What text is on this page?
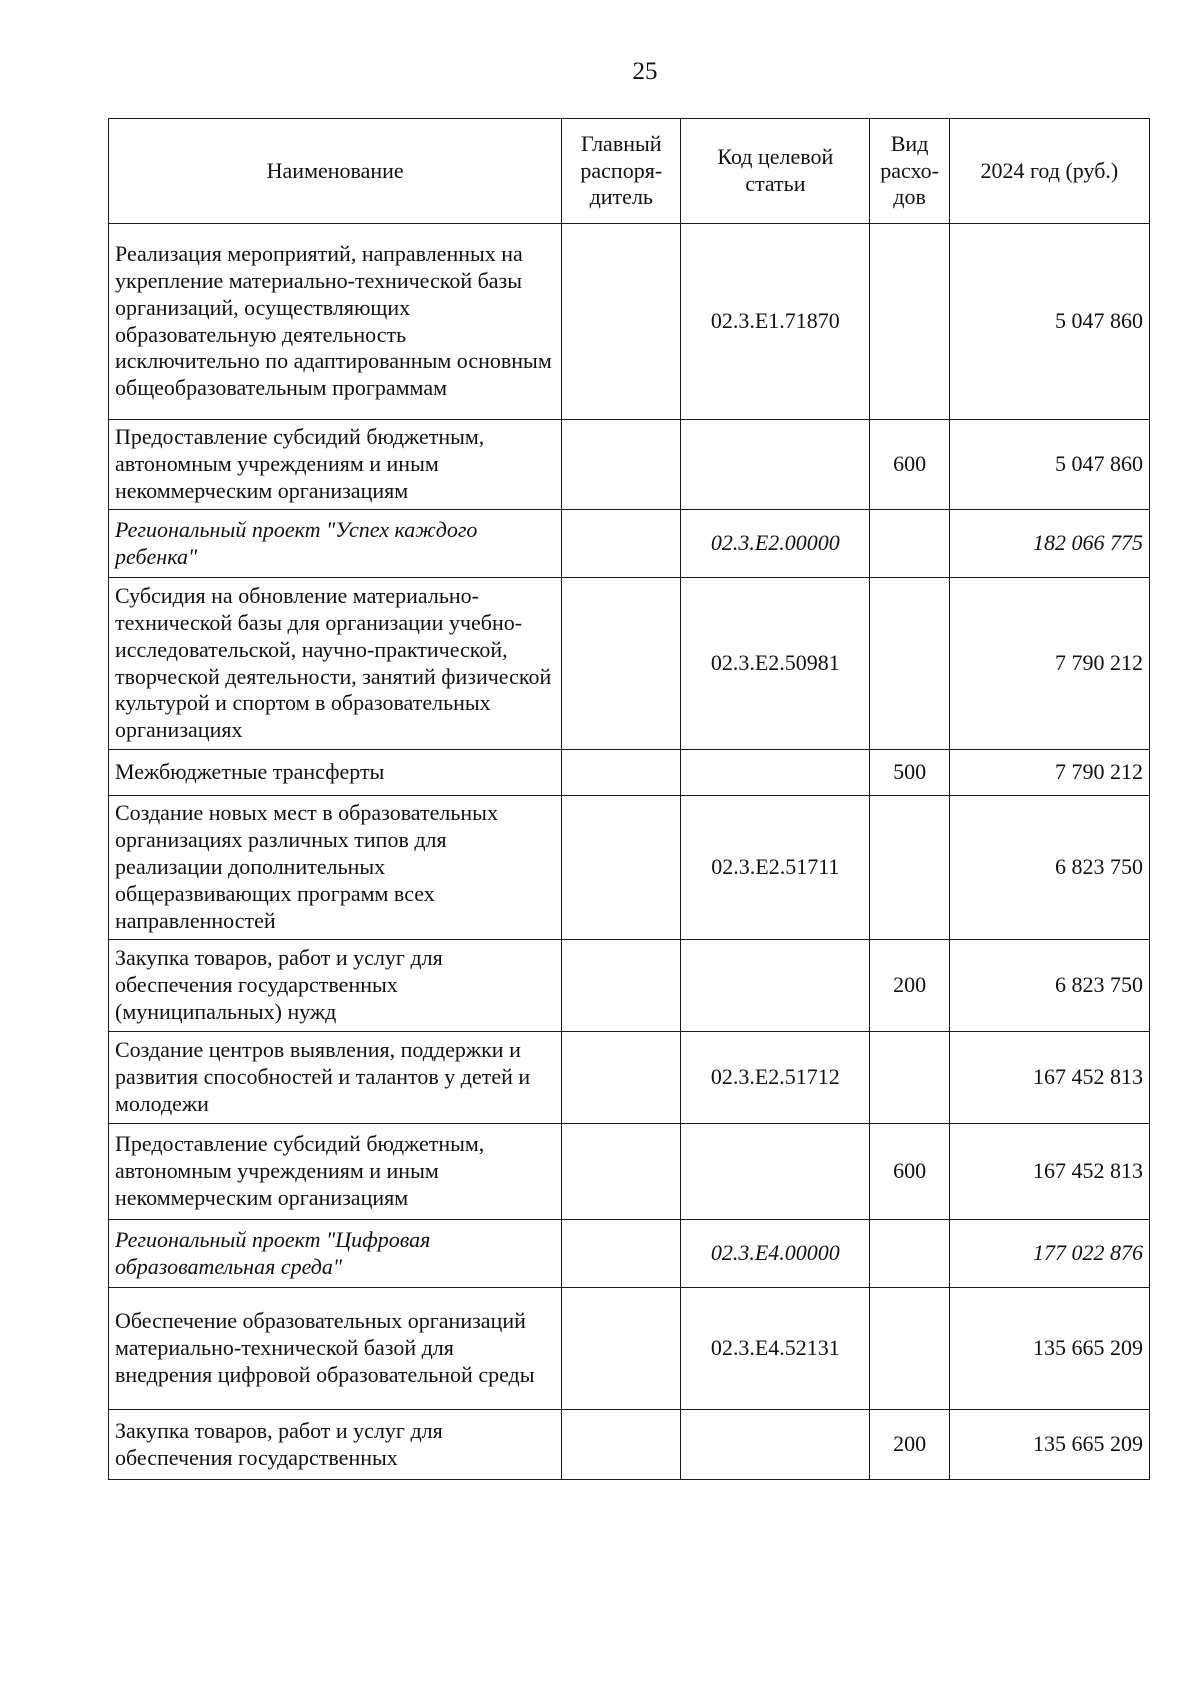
25
Наименование	Главный распоря-дитель	Код целевой статьи	Вид расхо-дов	2024 год (руб.)
Реализация мероприятий, направленных на укрепление материально-технической базы организаций, осуществляющих образовательную деятельность исключительно по адаптированным основным общеобразовательным программам		02.3.E1.71870		5 047 860
Предоставление субсидий бюджетным, автономным учреждениям и иным некоммерческим организациям			600	5 047 860
Региональный проект "Успех каждого ребенка"		02.3.E2.00000		182 066 775
Субсидия на обновление материально-технической базы для организации учебно-исследовательской, научно-практической, творческой деятельности, занятий физической культурой и спортом в образовательных организациях		02.3.E2.50981		7 790 212
Межбюджетные трансферты			500	7 790 212
Создание новых мест в образовательных организациях различных типов для реализации дополнительных общеразвивающих программ всех направленностей		02.3.E2.51711		6 823 750
Закупка товаров, работ и услуг для обеспечения государственных (муниципальных) нужд			200	6 823 750
Создание центров выявления, поддержки и развития способностей и талантов у детей и молодежи		02.3.E2.51712		167 452 813
Предоставление субсидий бюджетным, автономным учреждениям и иным некоммерческим организациям			600	167 452 813
Региональный проект "Цифровая образовательная среда"		02.3.E4.00000		177 022 876
Обеспечение образовательных организаций материально-технической базой для внедрения цифровой образовательной среды		02.3.E4.52131		135 665 209
Закупка товаров, работ и услуг для обеспечения государственных			200	135 665 209
